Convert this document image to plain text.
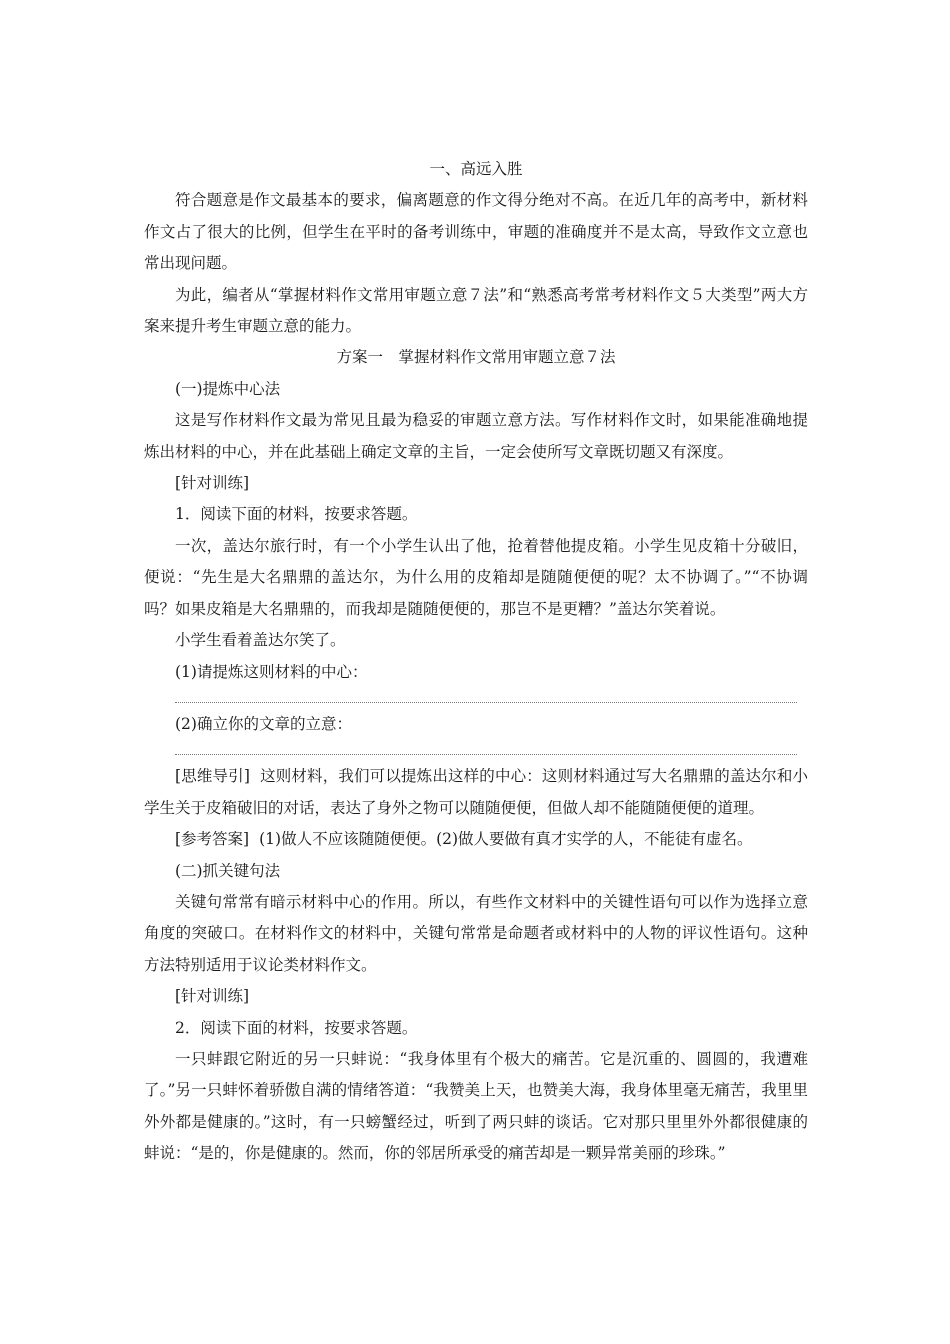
一、高远入胜

符合题意是作文最基本的要求，偏离题意的作文得分绝对不高。在近几年的高考中，新材料作文占了很大的比例，但学生在平时的备考训练中，审题的准确度并不是太高，导致作文立意也常出现问题。

为此，编者从“掌握材料作文常用审题立意７法”和“熟悉高考常考材料作文５大类型”两大方案来提升考生审题立意的能力。

方案一　掌握材料作文常用审题立意７法

(一)提炼中心法

这是写作材料作文最为常见且最为稳妥的审题立意方法。写作材料作文时，如果能准确地提炼出材料的中心，并在此基础上确定文章的主旨，一定会使所写文章既切题又有深度。

[针对训练]

1．阅读下面的材料，按要求答题。

一次，盖达尔旅行时，有一个小学生认出了他，抢着替他提皮箱。小学生见皮箱十分破旧，便说：“先生是大名鼎鼎的盖达尔，为什么用的皮箱却是随随便便的呢？太不协调了。”“不协调吗？如果皮箱是大名鼎鼎的，而我却是随随便便的，那岂不是更糟？”盖达尔笑着说。

小学生看着盖达尔笑了。

(1)请提炼这则材料的中心：

(2)确立你的文章的立意：

[思维导引] 这则材料，我们可以提炼出这样的中心：这则材料通过写大名鼎鼎的盖达尔和小学生关于皮箱破旧的对话，表达了身外之物可以随随便便，但做人却不能随随便便的道理。

[参考答案] (1)做人不应该随随便便。(2)做人要做有真才实学的人，不能徒有虚名。

(二)抓关键句法

关键句常常有暗示材料中心的作用。所以，有些作文材料中的关键性语句可以作为选择立意角度的突破口。在材料作文的材料中，关键句常常是命题者或材料中的人物的评议性语句。这种方法特别适用于议论类材料作文。

[针对训练]

2．阅读下面的材料，按要求答题。

一只蚌跟它附近的另一只蚌说：“我身体里有个极大的痛苦。它是沉重的、圆圆的，我遭难了。”另一只蚌怀着骄傲自满的情绪答道：“我赞美上天，也赞美大海，我身体里毫无痛苦，我里里外外都是健康的。”这时，有一只螃蟹经过，听到了两只蚌的谈话。它对那只里里外外都很健康的蚌说：“是的，你是健康的。然而，你的邻居所承受的痛苦却是一颗异常美丽的珍珠。”
